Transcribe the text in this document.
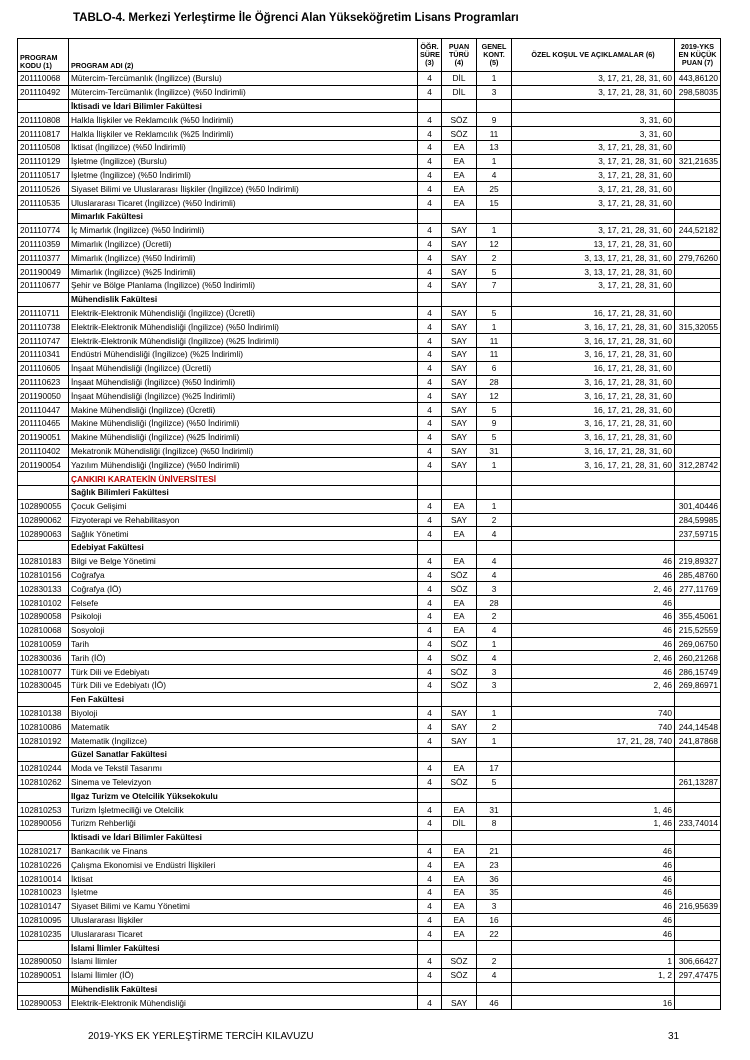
TABLO-4. Merkezi Yerleştirme İle Öğrenci Alan Yükseköğretim Lisans Programları
PROGRAM KODU (1)	PROGRAM ADI (2)	ÖĞR. SÜRE (3)	PUAN TÜRÜ (4)	GENEL KONT. (5)	ÖZEL KOŞUL VE AÇIKLAMALAR (6)	2019-YKS EN KÜÇÜK PUAN (7)
201110068	Mütercim-Tercümanlık (İngilizce) (Burslu)	4	DİL	1	3, 17, 21, 28, 31, 60	443,86120
201110492	Mütercim-Tercümanlık (İngilizce) (%50 İndirimli)	4	DİL	3	3, 17, 21, 28, 31, 60	298,58035
	İktisadi ve İdari Bilimler Fakültesi					
201110808	Halkla İlişkiler ve Reklamcılık (%50 İndirimli)	4	SÖZ	9	3, 31, 60	
201110817	Halkla İlişkiler ve Reklamcılık (%25 İndirimli)	4	SÖZ	11	3, 31, 60	
201110508	İktisat (İngilizce) (%50 İndirimli)	4	EA	13	3, 17, 21, 28, 31, 60	
201110129	İşletme (İngilizce) (Burslu)	4	EA	1	3, 17, 21, 28, 31, 60	321,21635
201110517	İşletme (İngilizce) (%50 İndirimli)	4	EA	4	3, 17, 21, 28, 31, 60	
201110526	Siyaset Bilimi ve Uluslararası İlişkiler (İngilizce) (%50 İndirimli)	4	EA	25	3, 17, 21, 28, 31, 60	
201110535	Uluslararası Ticaret (İngilizce) (%50 İndirimli)	4	EA	15	3, 17, 21, 28, 31, 60	
	Mimarlık Fakültesi					
201110774	İç Mimarlık (İngilizce) (%50 İndirimli)	4	SAY	1	3, 17, 21, 28, 31, 60	244,52182
201110359	Mimarlık (İngilizce) (Ücretli)	4	SAY	12	13, 17, 21, 28, 31, 60	
201110377	Mimarlık (İngilizce) (%50 İndirimli)	4	SAY	2	3, 13, 17, 21, 28, 31, 60	279,76260
201190049	Mimarlık (İngilizce) (%25 İndirimli)	4	SAY	5	3, 13, 17, 21, 28, 31, 60	
201110677	Şehir ve Bölge Planlama (İngilizce) (%50 İndirimli)	4	SAY	7	3, 17, 21, 28, 31, 60	
	Mühendislik Fakültesi					
201110711	Elektrik-Elektronik Mühendisliği (İngilizce) (Ücretli)	4	SAY	5	16, 17, 21, 28, 31, 60	
201110738	Elektrik-Elektronik Mühendisliği (İngilizce) (%50 İndirimli)	4	SAY	1	3, 16, 17, 21, 28, 31, 60	315,32055
201110747	Elektrik-Elektronik Mühendisliği (İngilizce) (%25 İndirimli)	4	SAY	11	3, 16, 17, 21, 28, 31, 60	
201110341	Endüstri Mühendisliği (İngilizce) (%25 İndirimli)	4	SAY	11	3, 16, 17, 21, 28, 31, 60	
201110605	İnşaat Mühendisliği (İngilizce) (Ücretli)	4	SAY	6	16, 17, 21, 28, 31, 60	
201110623	İnşaat Mühendisliği (İngilizce) (%50 İndirimli)	4	SAY	28	3, 16, 17, 21, 28, 31, 60	
201190050	İnşaat Mühendisliği (İngilizce) (%25 İndirimli)	4	SAY	12	3, 16, 17, 21, 28, 31, 60	
201110447	Makine Mühendisliği (İngilizce) (Ücretli)	4	SAY	5	16, 17, 21, 28, 31, 60	
201110465	Makine Mühendisliği (İngilizce) (%50 İndirimli)	4	SAY	9	3, 16, 17, 21, 28, 31, 60	
201190051	Makine Mühendisliği (İngilizce) (%25 İndirimli)	4	SAY	5	3, 16, 17, 21, 28, 31, 60	
201110402	Mekatronik Mühendisliği (İngilizce) (%50 İndirimli)	4	SAY	31	3, 16, 17, 21, 28, 31, 60	
201190054	Yazılım Mühendisliği (İngilizce) (%50 İndirimli)	4	SAY	1	3, 16, 17, 21, 28, 31, 60	312,28742
	ÇANKIRI KARATEKİN ÜNİVERSİTESİ					
	Sağlık Bilimleri Fakültesi					
102890055	Çocuk Gelişimi	4	EA	1		301,40446
102890062	Fizyoterapi ve Rehabilitasyon	4	SAY	2		284,59985
102890063	Sağlık Yönetimi	4	EA	4		237,59715
	Edebiyat Fakültesi					
102810183	Bilgi ve Belge Yönetimi	4	EA	4	46	219,89327
102810156	Coğrafya	4	SÖZ	4	46	285,48760
102830133	Coğrafya (İÖ)	4	SÖZ	3	2, 46	277,11769
102810102	Felsefe	4	EA	28	46	
102890058	Psikoloji	4	EA	2	46	355,45061
102810068	Sosyoloji	4	EA	4	46	215,52559
102810059	Tarih	4	SÖZ	1	46	269,06750
102830036	Tarih (İÖ)	4	SÖZ	4	2, 46	260,21268
102810077	Türk Dili ve Edebiyatı	4	SÖZ	3	46	286,15749
102830045	Türk Dili ve Edebiyatı (İÖ)	4	SÖZ	3	2, 46	269,86971
	Fen Fakültesi					
102810138	Biyoloji	4	SAY	1	740	
102810086	Matematik	4	SAY	2	740	244,14548
102810192	Matematik (İngilizce)	4	SAY	1	17, 21, 28, 740	241,87868
	Güzel Sanatlar Fakültesi					
102810244	Moda ve Tekstil Tasarımı	4	EA	17		
102810262	Sinema ve Televizyon	4	SÖZ	5		261,13287
	Ilgaz Turizm ve Otelcilik Yüksekokulu					
102810253	Turizm İşletmeciliği ve Otelcilik	4	EA	31	1, 46	
102890056	Turizm Rehberliği	4	DİL	8	1, 46	233,74014
	İktisadi ve İdari Bilimler Fakültesi					
102810217	Bankacılık ve Finans	4	EA	21	46	
102810226	Çalışma Ekonomisi ve Endüstri İlişkileri	4	EA	23	46	
102810014	İktisat	4	EA	36	46	
102810023	İşletme	4	EA	35	46	
102810147	Siyaset Bilimi ve Kamu Yönetimi	4	EA	3	46	216,95639
102810095	Uluslararası İlişkiler	4	EA	16	46	
102810235	Uluslararası Ticaret	4	EA	22	46	
	İslami İlimler Fakültesi					
102890050	İslami İlimler	4	SÖZ	2	1	306,66427
102890051	İslami İlimler (İÖ)	4	SÖZ	4	1, 2	297,47475
	Mühendislik Fakültesi					
102890053	Elektrik-Elektronik Mühendisliği	4	SAY	46	16	
2019-YKS EK YERLEŞTİRME TERCİH KILAVUZU	31
